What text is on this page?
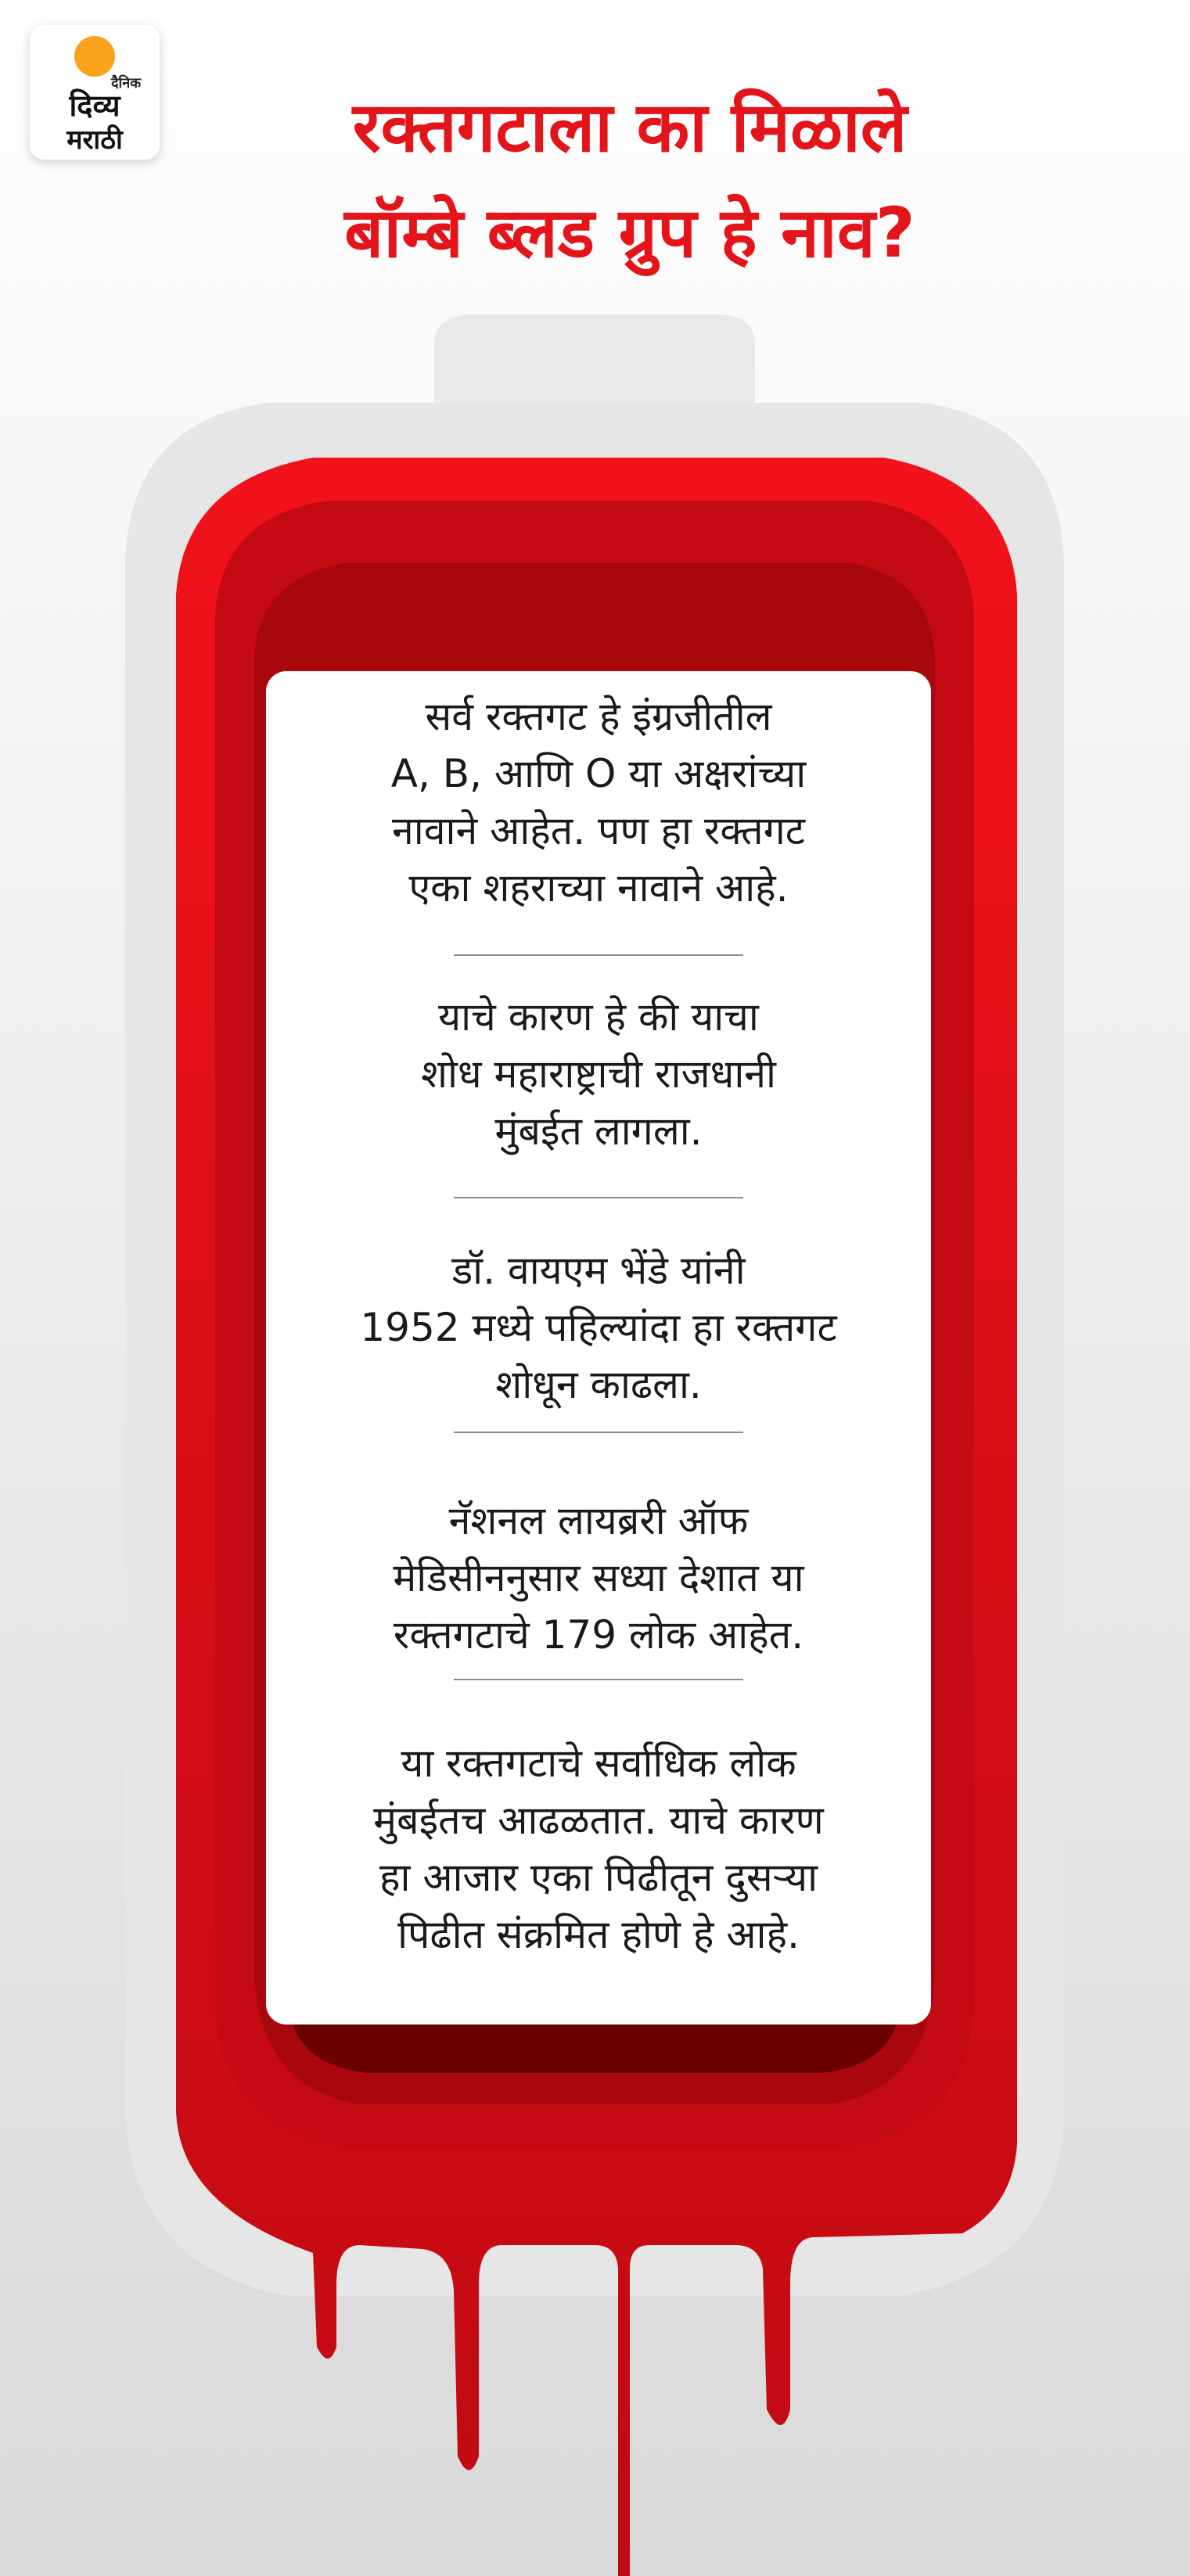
दैनिक
दिव्य
मराठी	रक्तगटाला का मिळाले
बॉम्बे ब्लड ग्रुप हे नाव?
सर्व रक्तगट हे इंग्रजीतील
A, B, आणि O या अक्षरांच्या
नावाने आहेत. पण हा रक्तगट
एका शहराच्या नावाने आहे.
याचे कारण हे की याचा
शोध महाराष्ट्राची राजधानी
मुंबईत लागला.
डॉ. वायएम भेंडे यांनी
1952 मध्ये पहिल्यांदा हा रक्तगट
शोधून काढला.
नॅशनल लायब्ररी ऑफ
मेडिसीननुसार सध्या देशात या
रक्तगटाचे 179 लोक आहेत.
या रक्तगटाचे सर्वाधिक लोक
मुंबईतच आढळतात. याचे कारण
हा आजार एका पिढीतून दुसऱ्या
पिढीत संक्रमित होणे हे आहे.
